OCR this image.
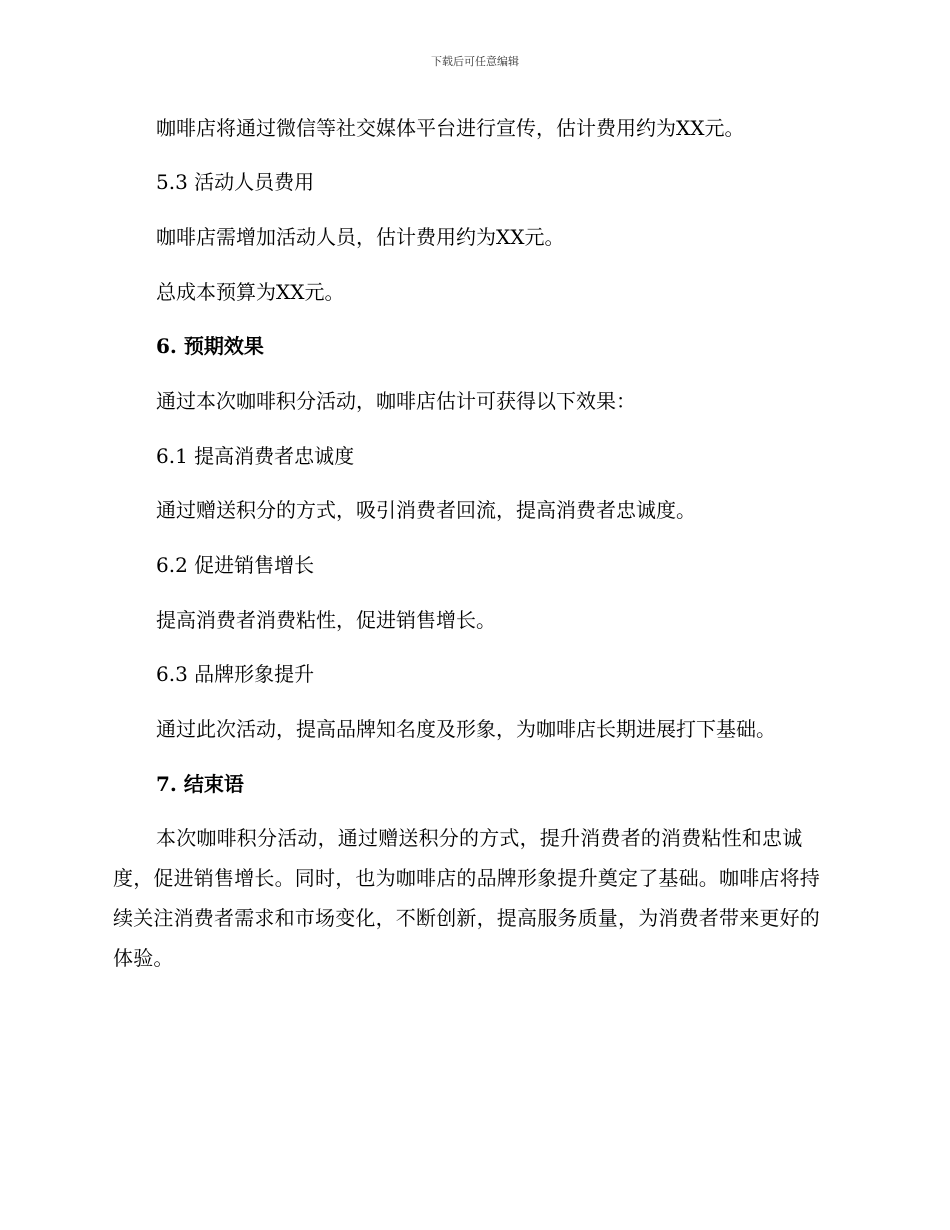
下载后可任意编辑
咖啡店将通过微信等社交媒体平台进行宣传，估计费用约为XX元。
5.3 活动人员费用
咖啡店需增加活动人员，估计费用约为XX元。
总成本预算为XX元。
6. 预期效果
通过本次咖啡积分活动，咖啡店估计可获得以下效果：
6.1 提高消费者忠诚度
通过赠送积分的方式，吸引消费者回流，提高消费者忠诚度。
6.2 促进销售增长
提高消费者消费粘性，促进销售增长。
6.3 品牌形象提升
通过此次活动，提高品牌知名度及形象，为咖啡店长期进展打下基础。
7. 结束语
本次咖啡积分活动，通过赠送积分的方式，提升消费者的消费粘性和忠诚度，促进销售增长。同时，也为咖啡店的品牌形象提升奠定了基础。咖啡店将持续关注消费者需求和市场变化，不断创新，提高服务质量，为消费者带来更好的体验。
